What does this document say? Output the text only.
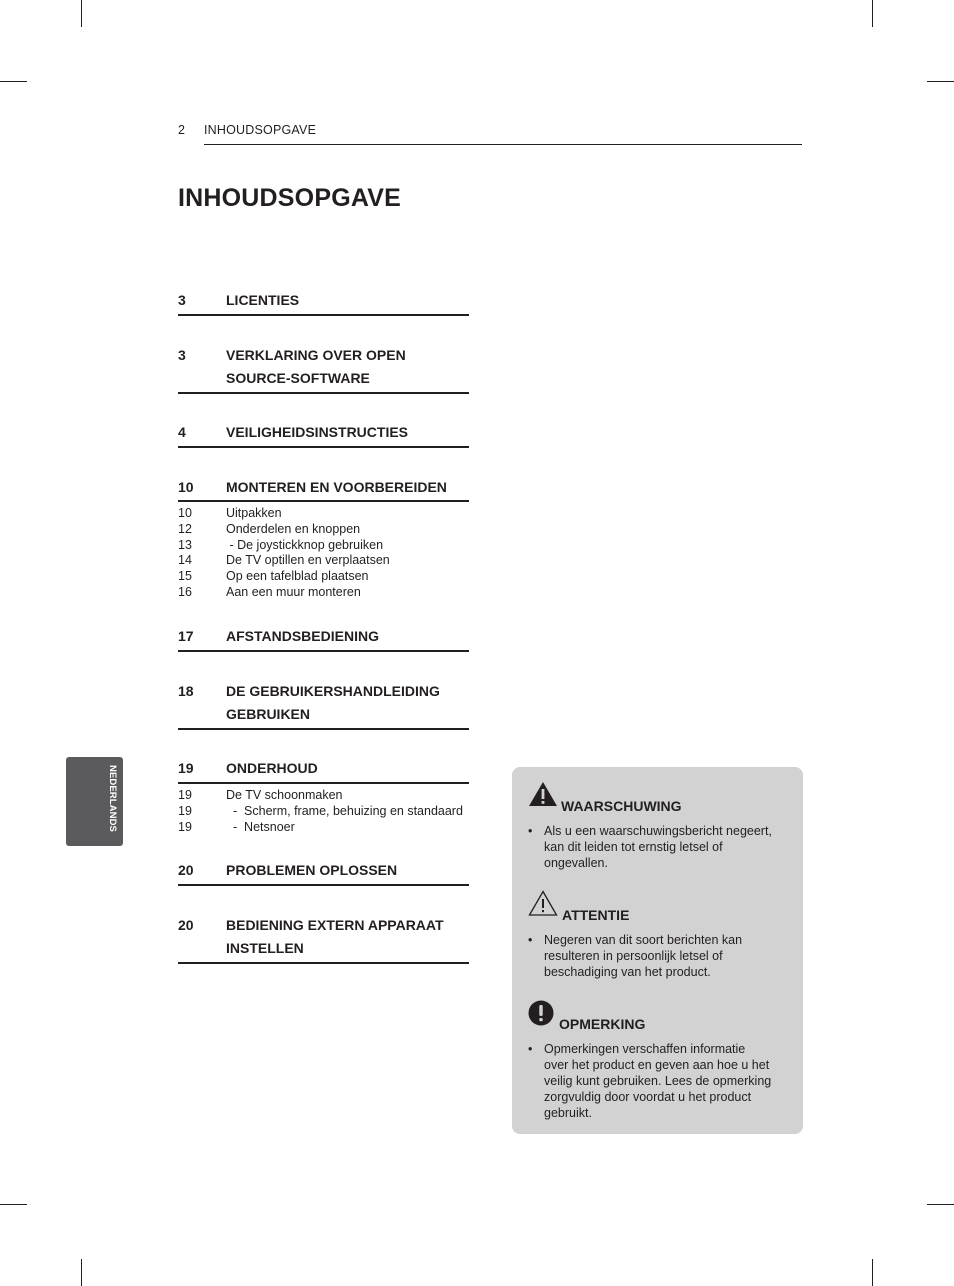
2 INHOUDSOPGAVE
INHOUDSOPGAVE
3	LICENTIES
3	VERKLARING OVER OPEN
SOURCE-SOFTWARE
4	VEILIGHEIDSINSTRUCTIES
10 MONTEREN EN VOORBEREIDEN
10	Uitpakken
12	Onderdelen en knoppen
13	- De joystickknop gebruiken
14	De TV optillen en verplaatsen
15	Op een tafelblad plaatsen
16	Aan een muur monteren
17 AFSTANDSBEDIENING
18 DE GEBRUIKERSHANDLEIDING
GEBRUIKEN
19 ONDERHOUD
19	De TV schoonmaken
19	-  Scherm, frame, behuizing en standaard
19	-  Netsnoer
20 PROBLEMEN OPLOSSEN
20 BEDIENING EXTERN APPARAAT
INSTELLEN
NEDERLANDS	WAARSCHUWING
• Als u een waarschuwingsbericht negeert,
kan dit leiden tot ernstig letsel of
ongevallen.
ATTENTIE
• Negeren van dit soort berichten kan
resulteren in persoonlijk letsel of
beschadiging van het product.
OPMERKING
• Opmerkingen verschaffen informatie
over het product en geven aan hoe u het
veilig kunt gebruiken. Lees de opmerking
zorgvuldig door voordat u het product
gebruikt.
